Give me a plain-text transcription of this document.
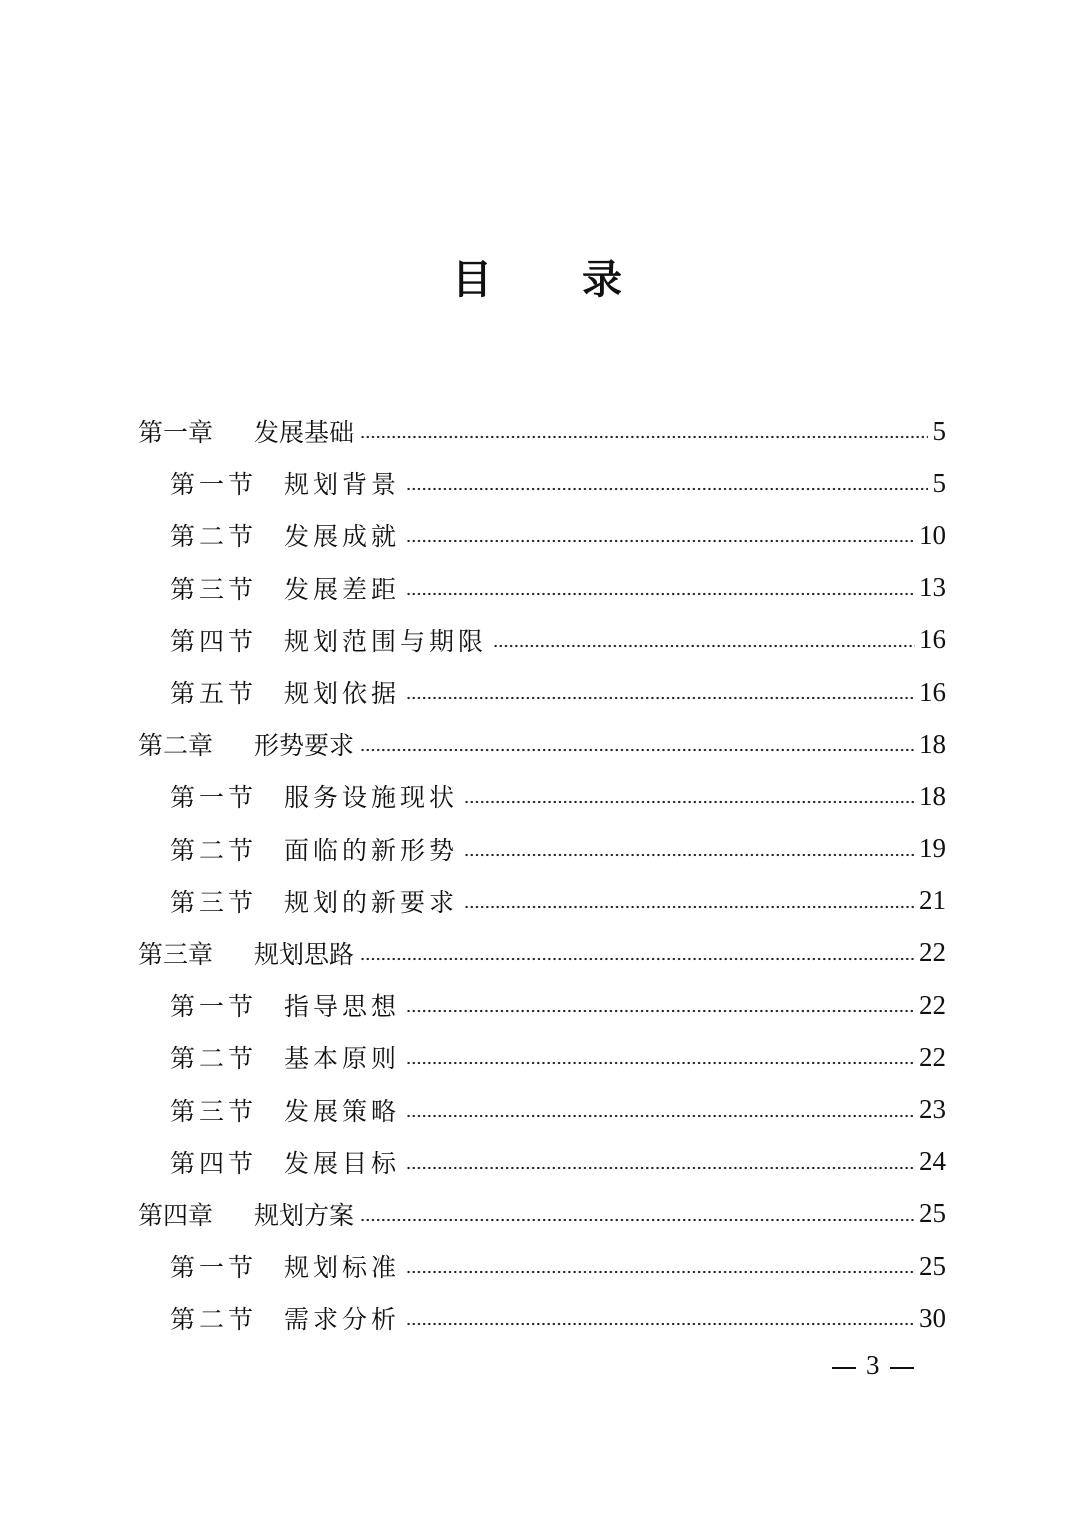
目 录
第一章	发展基础	5
第一节	规划背景	5
第二节	发展成就	10
第三节	发展差距	13
第四节	规划范围与期限	16
第五节	规划依据	16
第二章	形势要求	18
第一节	服务设施现状	18
第二节	面临的新形势	19
第三节	规划的新要求	21
第三章	规划思路	22
第一节	指导思想	22
第二节	基本原则	22
第三节	发展策略	23
第四节	发展目标	24
第四章	规划方案	25
第一节	规划标准	25
第二节	需求分析	30
3
